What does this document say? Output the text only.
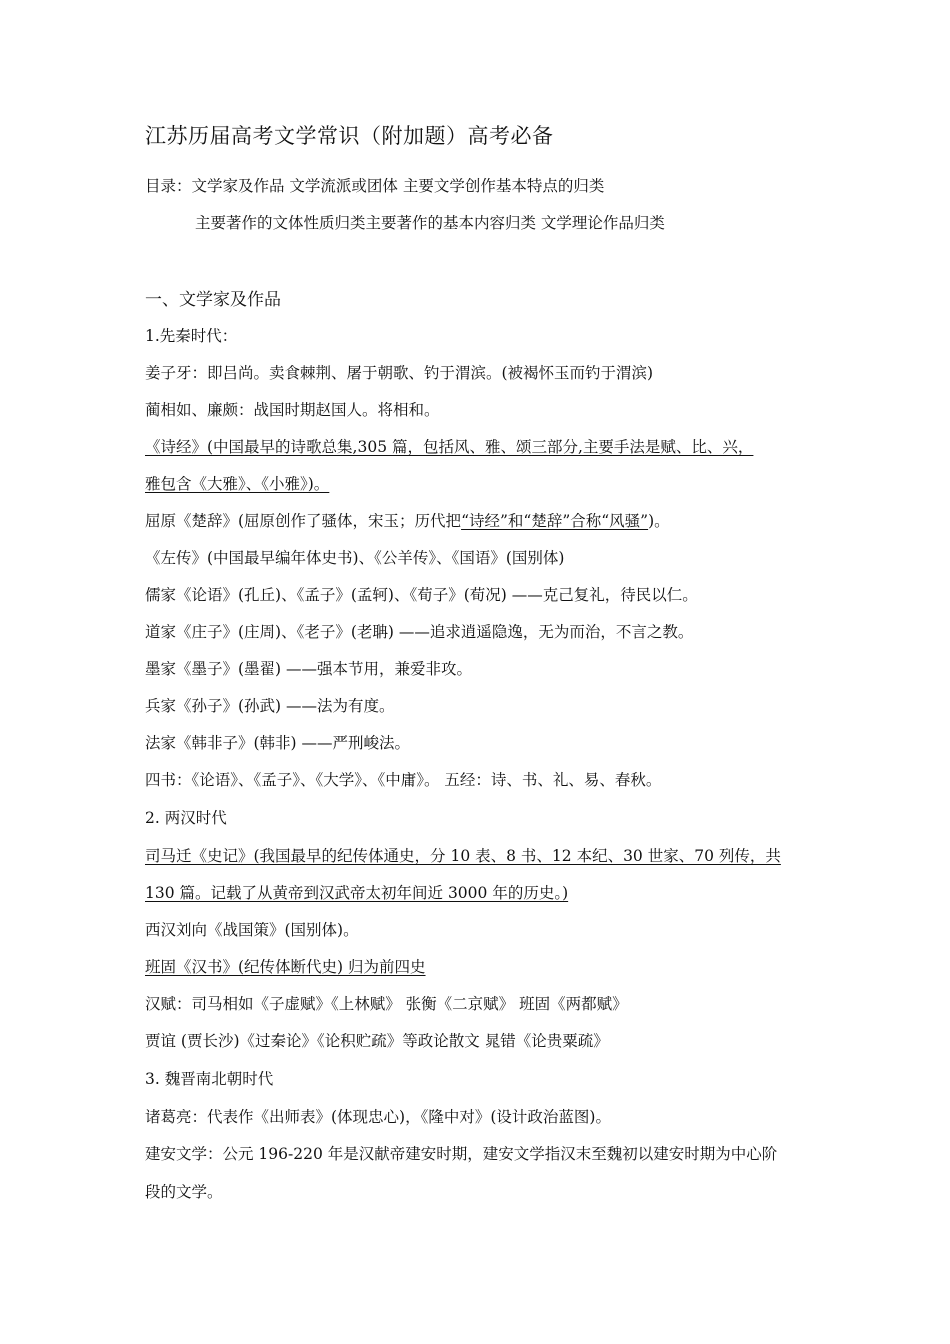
江苏历届高考文学常识（附加题）高考必备
目录：文学家及作品 文学流派或团体 主要文学创作基本特点的归类
主要著作的文体性质归类主要著作的基本内容归类 文学理论作品归类
一、文学家及作品
1.先秦时代：
姜子牙：即吕尚。卖食棘荆、屠于朝歌、钓于渭滨。(被褐怀玉而钓于渭滨)
蔺相如、廉颇：战国时期赵国人。将相和。
《诗经》(中国最早的诗歌总集,305 篇，包括风、雅、颂三部分,主要手法是赋、比、兴，
雅包含《大雅》、《小雅》)。
屈原《楚辞》(屈原创作了骚体，宋玉；历代把“诗经”和“楚辞”合称“风骚”)。
《左传》(中国最早编年体史书)、《公羊传》、《国语》(国别体)
儒家《论语》(孔丘)、《孟子》(孟轲)、《荀子》(荀况) ——克己复礼，待民以仁。
道家《庄子》(庄周)、《老子》(老聃) ——追求逍遥隐逸，无为而治，不言之教。
墨家《墨子》(墨翟) ——强本节用，兼爱非攻。
兵家《孙子》(孙武) ——法为有度。
法家《韩非子》(韩非) ——严刑峻法。
四书：《论语》、《孟子》、《大学》、《中庸》。 五经：诗、书、礼、易、春秋。
2. 两汉时代
司马迁《史记》(我国最早的纪传体通史，分 10 表、8 书、12 本纪、30 世家、70 列传，共
130 篇。记载了从黄帝到汉武帝太初年间近 3000 年的历史。)
西汉刘向《战国策》(国别体)。
班固《汉书》(纪传体断代史) 归为前四史
汉赋：司马相如《子虚赋》《上林赋》 张衡《二京赋》 班固《两都赋》
贾谊 (贾长沙)《过秦论》《论积贮疏》等政论散文 晁错《论贵粟疏》
3. 魏晋南北朝时代
诸葛亮：代表作《出师表》(体现忠心)，《隆中对》(设计政治蓝图)。
建安文学：公元 196-220 年是汉献帝建安时期，建安文学指汉末至魏初以建安时期为中心阶
段的文学。
